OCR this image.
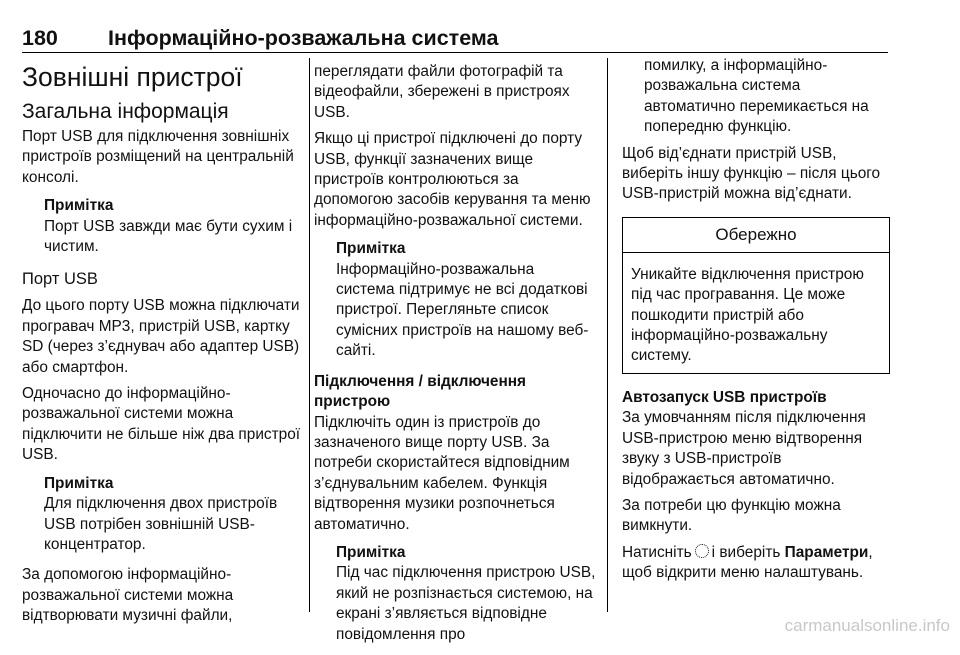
180 Інформаційно-розважальна система
Зовнішні пристрої
Загальна інформація

Порт USB для підключення зовнішніх пристроїв розміщений на центральній консолі.

Примітка
Порт USB завжди має бути сухим і чистим.
Порт USB

До цього порту USB можна підключати програвач MP3, пристрій USB, картку SD (через з’єднувач або адаптер USB) або смартфон.

Одночасно до інформаційно-розважальної системи можна підключити не більше ніж два пристрої USB.

Примітка
Для підключення двох пристроїв USB потрібен зовнішній USB-концентратор.

За допомогою інформаційно-розважальної системи можна відтворювати музичні файли,

переглядати файли фотографій та відеофайли, збережені в пристроях USB.

Якщо ці пристрої підключені до порту USB, функції зазначених вище пристроїв контролюються за допомогою засобів керування та меню інформаційно-розважальної системи.

Примітка
Інформаційно-розважальна система підтримує не всі додаткові пристрої. Перегляньте список сумісних пристроїв на нашому веб-сайті.

Підключення / відключення пристрою

Підключіть один із пристроїв до зазначеного вище порту USB. За потреби скористайтеся відповідним з’єднувальним кабелем. Функція відтворення музики розпочнеться автоматично.

Примітка
Під час підключення пристрою USB, який не розпізнається системою, на екрані з’являється відповідне повідомлення про

помилку, а інформаційно-розважальна система автоматично перемикається на попередню функцію.

Щоб від’єднати пристрій USB, виберіть іншу функцію – після цього USB-пристрій можна від’єднати.

Обережно
Уникайте відключення пристрою під час програвання. Це може пошкодити пристрій або інформаційно-розважальну систему.

Автозапуск USB пристроїв

За умовчанням після підключення USB-пристрою меню відтворення звуку з USB-пристроїв відображається автоматично.

За потреби цю функцію можна вимкнути.

Натисніть і виберіть Параметри, щоб відкрити меню налаштувань.

carmanualsonline.info
